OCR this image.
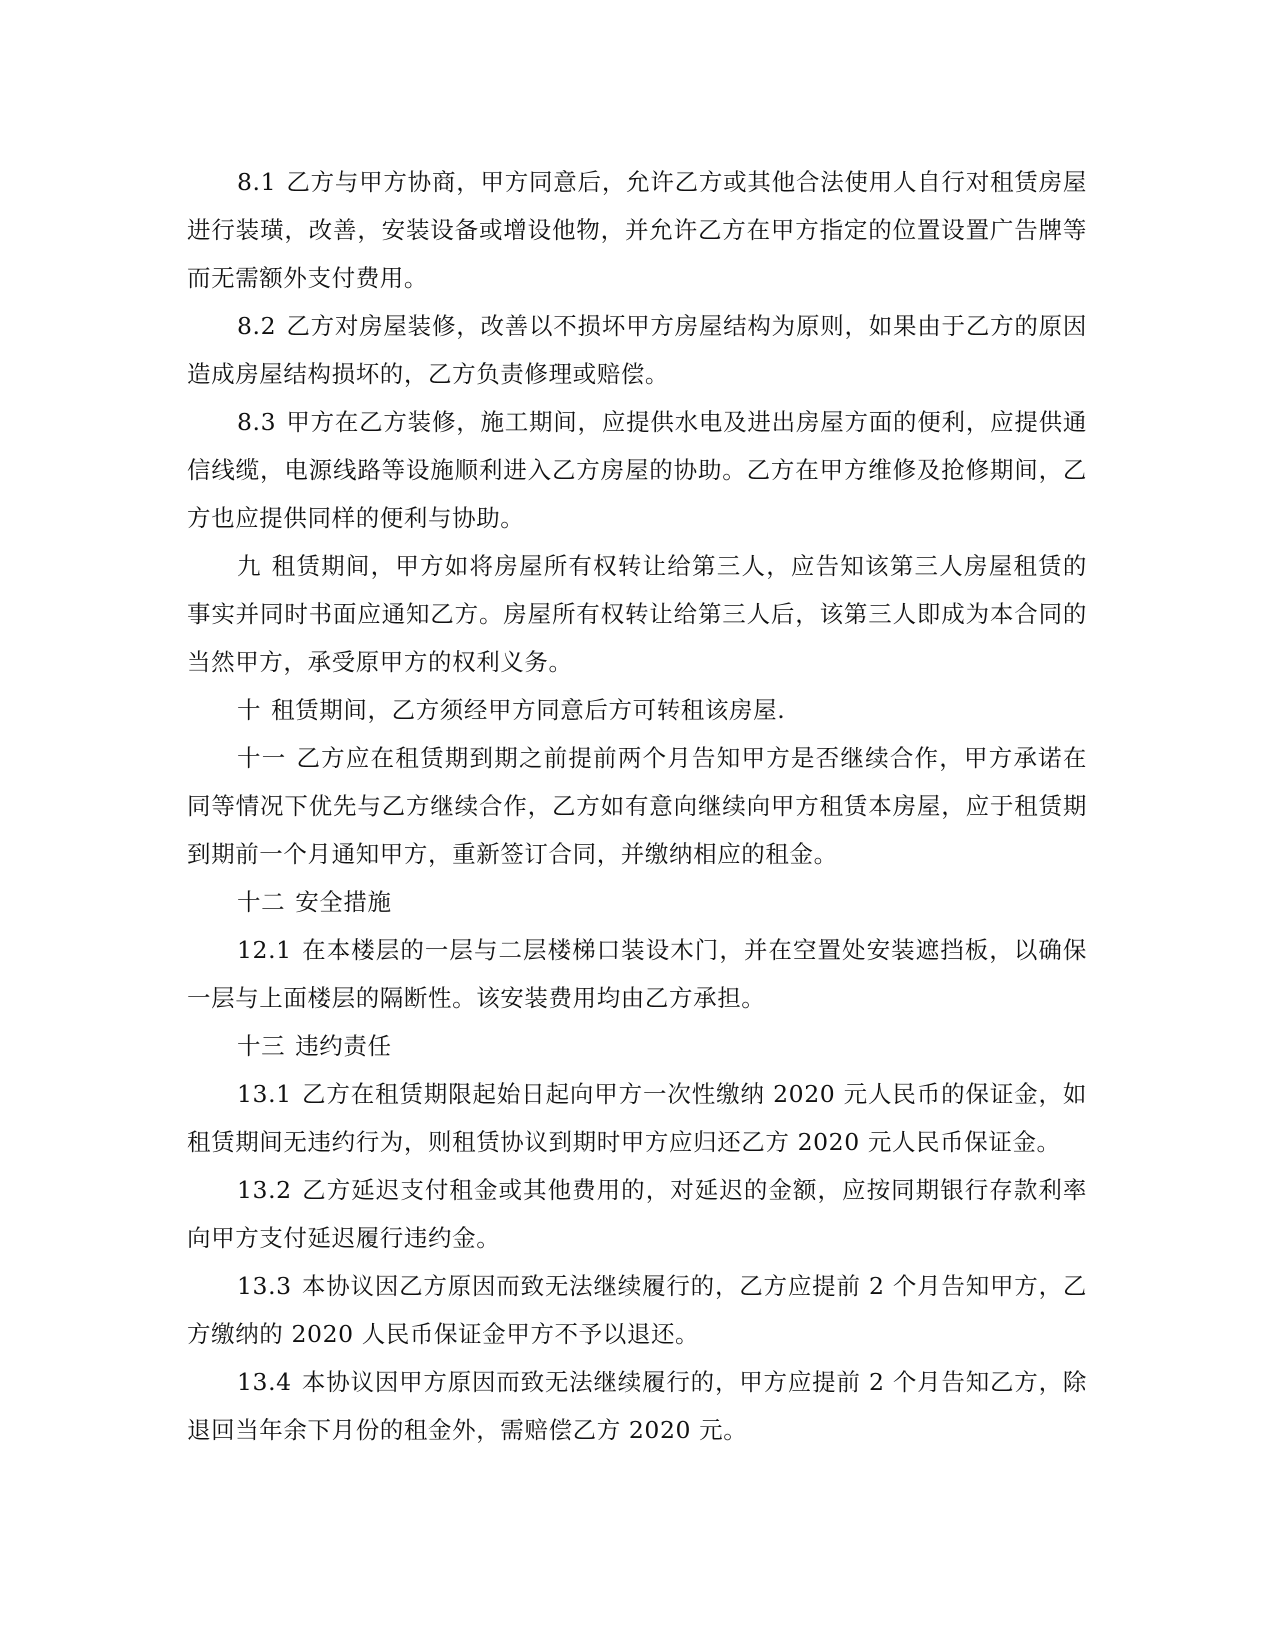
8.1 乙方与甲方协商，甲方同意后，允许乙方或其他合法使用人自行对租赁房屋进行装璜，改善，安装设备或增设他物，并允许乙方在甲方指定的位置设置广告牌等而无需额外支付费用。

8.2 乙方对房屋装修，改善以不损坏甲方房屋结构为原则，如果由于乙方的原因造成房屋结构损坏的，乙方负责修理或赔偿。

8.3 甲方在乙方装修，施工期间，应提供水电及进出房屋方面的便利，应提供通信线缆，电源线路等设施顺利进入乙方房屋的协助。乙方在甲方维修及抢修期间，乙方也应提供同样的便利与协助。

九 租赁期间，甲方如将房屋所有权转让给第三人，应告知该第三人房屋租赁的事实并同时书面应通知乙方。房屋所有权转让给第三人后，该第三人即成为本合同的当然甲方，承受原甲方的权利义务。

十 租赁期间，乙方须经甲方同意后方可转租该房屋.

十一 乙方应在租赁期到期之前提前两个月告知甲方是否继续合作，甲方承诺在同等情况下优先与乙方继续合作，乙方如有意向继续向甲方租赁本房屋，应于租赁期到期前一个月通知甲方，重新签订合同，并缴纳相应的租金。

十二 安全措施

12.1 在本楼层的一层与二层楼梯口装设木门，并在空置处安装遮挡板，以确保一层与上面楼层的隔断性。该安装费用均由乙方承担。

十三 违约责任

13.1 乙方在租赁期限起始日起向甲方一次性缴纳 2020 元人民币的保证金，如租赁期间无违约行为，则租赁协议到期时甲方应归还乙方 2020 元人民币保证金。

13.2 乙方延迟支付租金或其他费用的，对延迟的金额，应按同期银行存款利率向甲方支付延迟履行违约金。

13.3 本协议因乙方原因而致无法继续履行的，乙方应提前 2 个月告知甲方，乙方缴纳的 2020 人民币保证金甲方不予以退还。

13.4 本协议因甲方原因而致无法继续履行的，甲方应提前 2 个月告知乙方，除退回当年余下月份的租金外，需赔偿乙方 2020 元。
